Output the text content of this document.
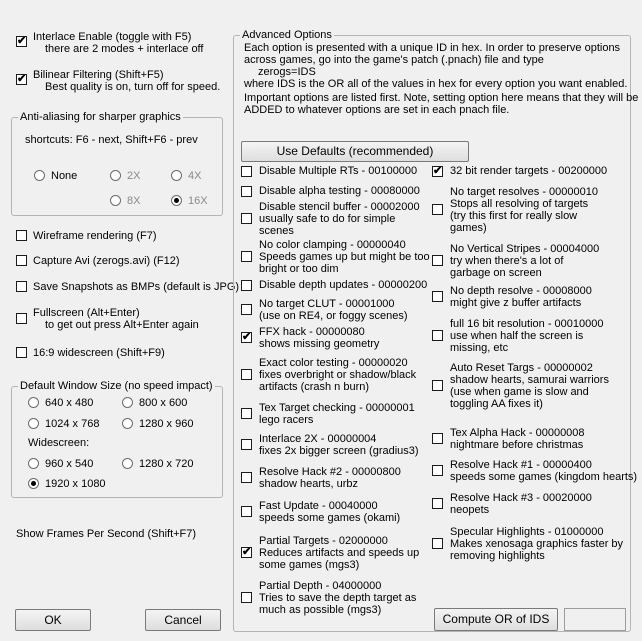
✔ Interlace Enable (toggle with F5)
there are 2 modes + interlace off
✔ Bilinear Filtering (Shift+F5)
Best quality is on, turn off for speed.
Anti-aliasing for sharper graphics
shortcuts: F6 - next, Shift+F6 - prev
None	2X	4X
8X	16X
Wireframe rendering (F7)
Capture Avi (zerogs.avi) (F12)
Save Snapshots as BMPs (default is JPG)
Fullscreen (Alt+Enter)
to get out press Alt+Enter again
16:9 widescreen (Shift+F9)
Default Window Size (no speed impact)
640 x 480	800 x 600
1024 x 768	1280 x 960
Widescreen:
960 x 540	1280 x 720
1920 x 1080
Show Frames Per Second (Shift+F7)
OK	Cancel
Advanced Options
Each option is presented with a unique ID in hex. In order to preserve options
across games, go into the game's patch (.pnach) file and type
zerogs=IDS
where IDS is the OR all of the values in hex for every option you want enabled.
Important options are listed first. Note, setting option here means that they will be
ADDED to whatever options are set in each pnach file.
Use Defaults (recommended)
Disable Multiple RTs - 00100000
Disable alpha testing - 00080000
Disable stencil buffer - 00002000
usually safe to do for simple
scenes
No color clamping - 00000040
Speeds games up but might be too
bright or too dim
Disable depth updates - 00000200
No target CLUT - 00001000
(use on RE4, or foggy scenes)
✔ FFX hack - 00000080
shows missing geometry
Exact color testing - 00000020
fixes overbright or shadow/black
artifacts (crash n burn)
Tex Target checking - 00000001
lego racers
Interlace 2X - 00000004
fixes 2x bigger screen (gradius3)
Resolve Hack #2 - 00000800
shadow hearts, urbz
Fast Update - 00040000
speeds some games (okami)
✔
Partial Targets - 02000000
Reduces artifacts and speeds up
some games (mgs3)
Partial Depth - 04000000
Tries to save the depth target as
much as possible (mgs3)
✔ 32 bit render targets - 00200000
No target resolves - 00000010
Stops all resolving of targets
(try this first for really slow
games)
No Vertical Stripes - 00004000
try when there's a lot of
garbage on screen
No depth resolve - 00008000
might give z buffer artifacts
full 16 bit resolution - 00010000
use when half the screen is
missing, etc
Auto Reset Targs - 00000002
shadow hearts, samurai warriors
(use when game is slow and
toggling AA fixes it)
Tex Alpha Hack - 00000008
nightmare before christmas
Resolve Hack #1 - 00000400
speeds some games (kingdom hearts)
Resolve Hack #3 - 00020000
neopets
Specular Highlights - 01000000
Makes xenosaga graphics faster by
removing highlights
Compute OR of IDS
